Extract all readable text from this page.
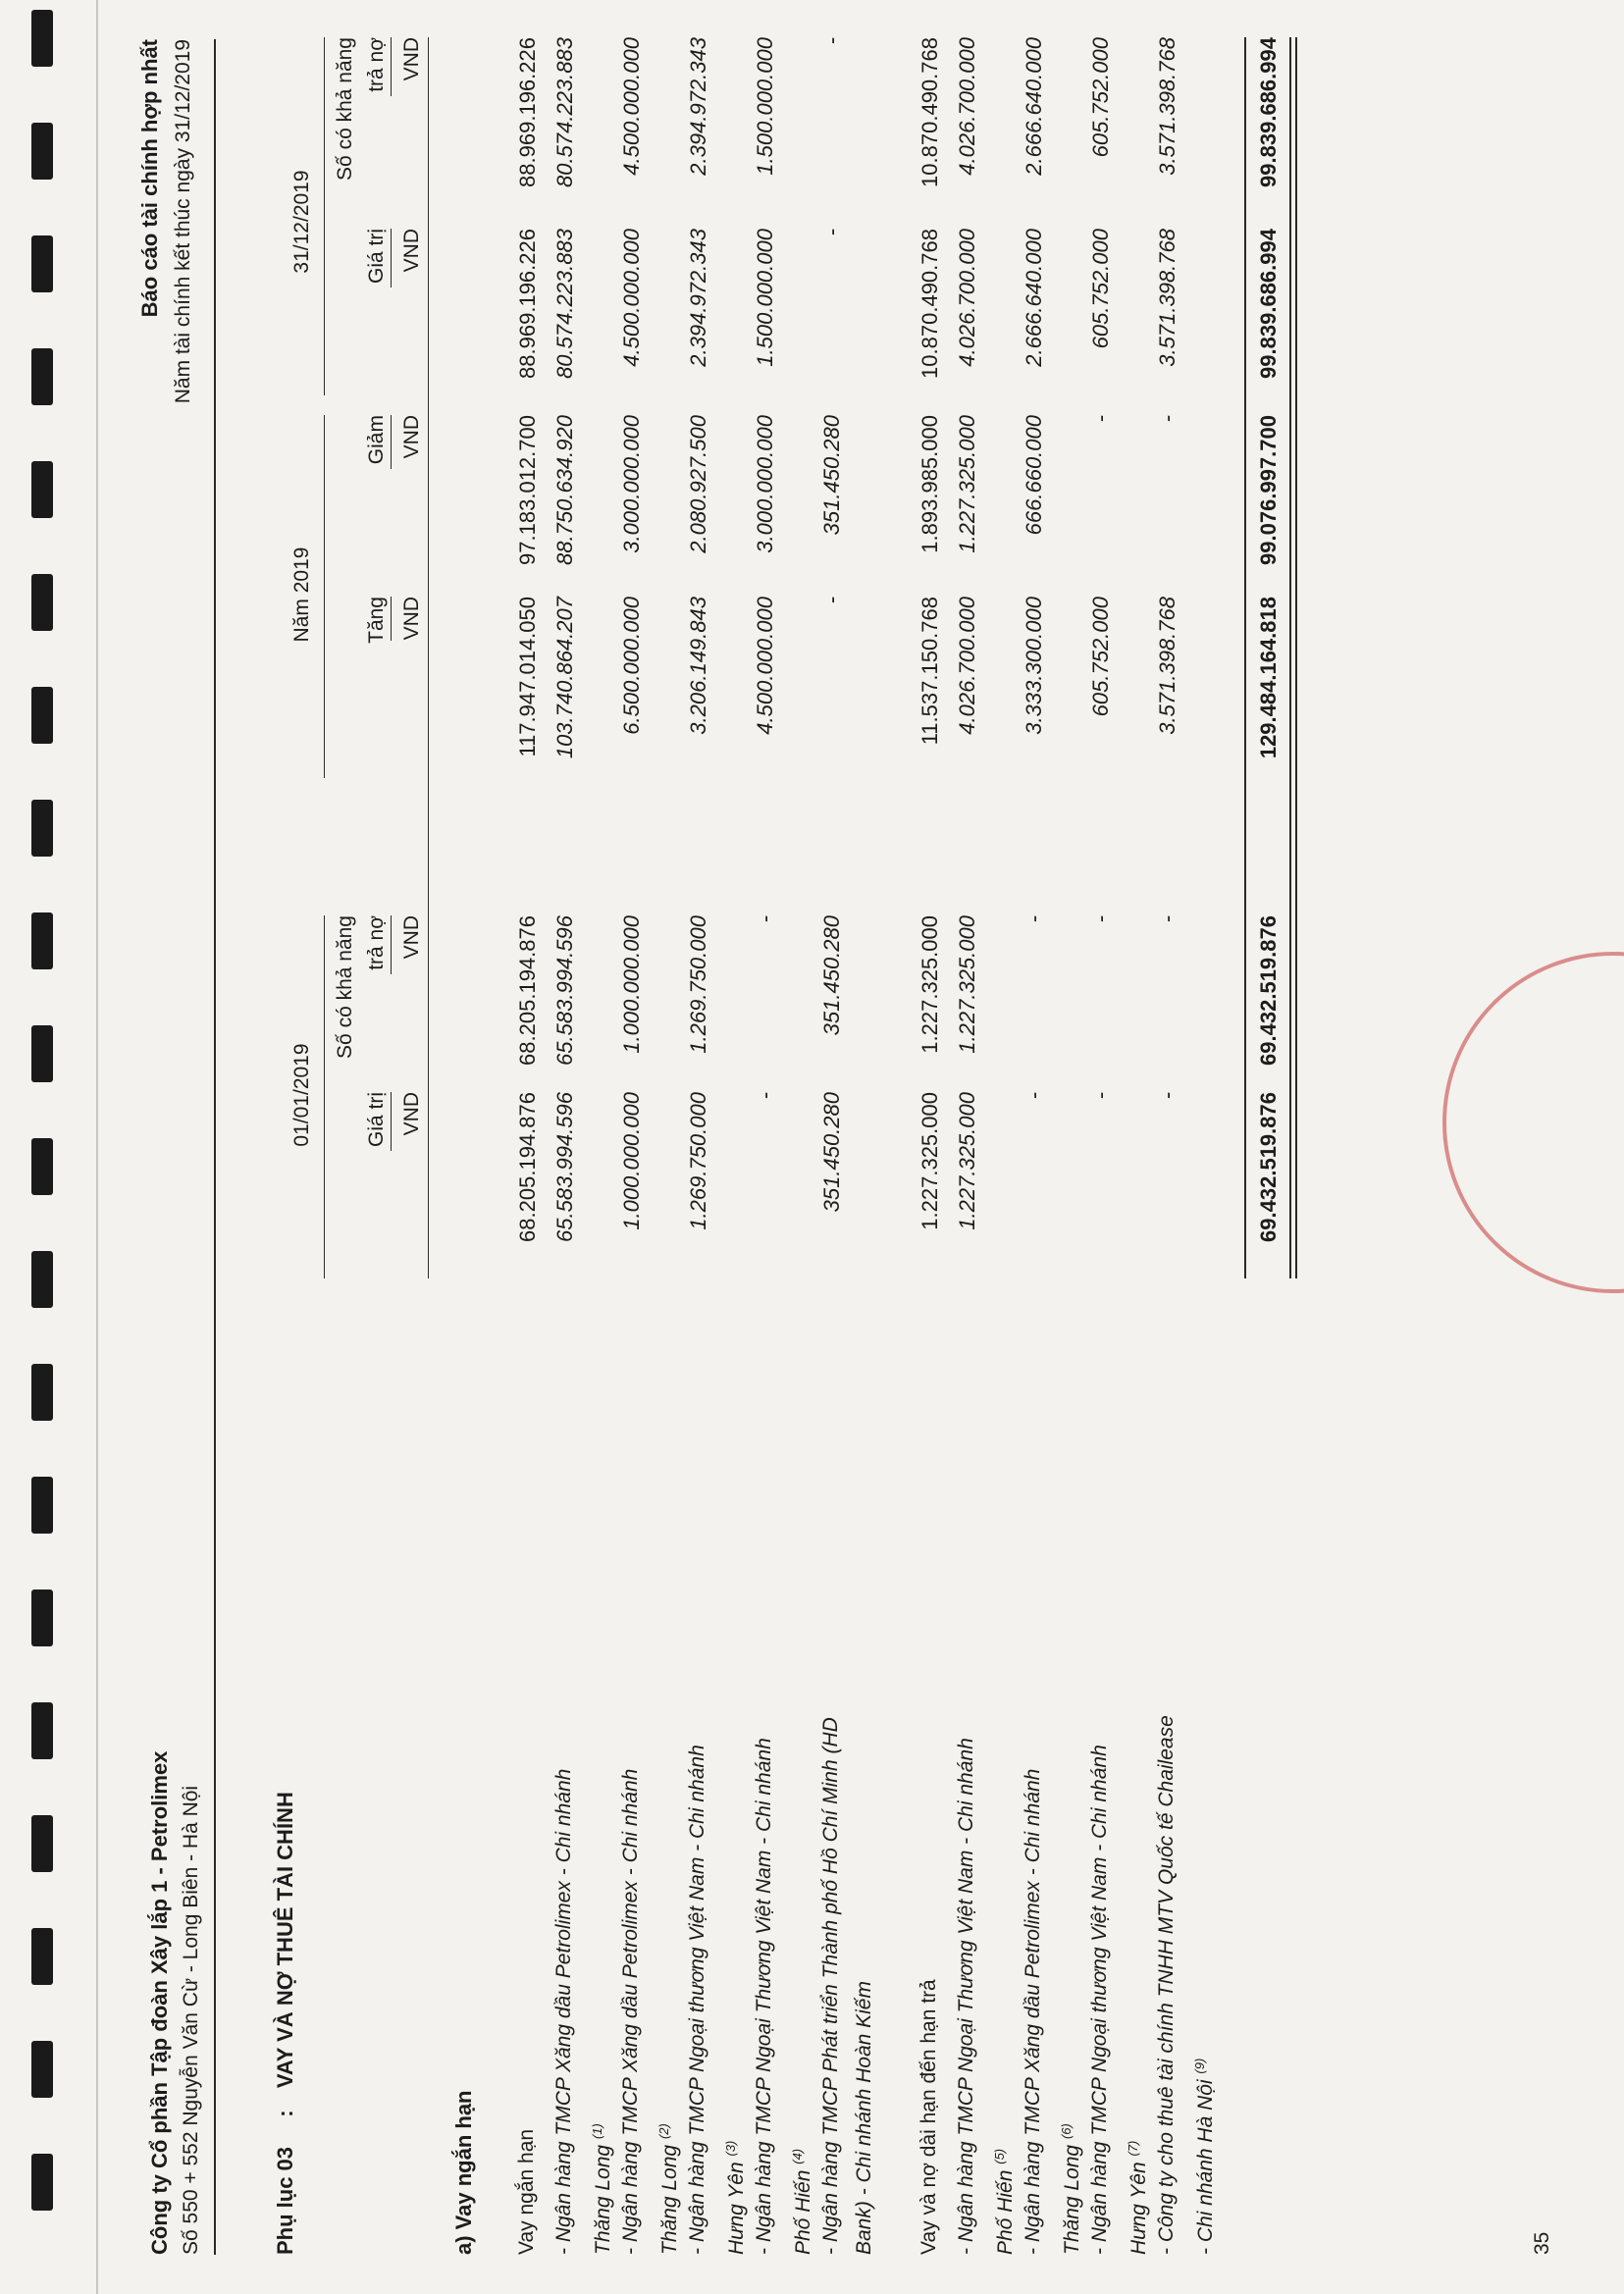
Công ty Cổ phần Tập đoàn Xây lắp 1 - Petrolimex Số 550 + 552 Nguyễn Văn Cừ - Long Biên - Hà Nội
Báo cáo tài chính hợp nhất Năm tài chính kết thúc ngày 31/12/2019
Phụ lục 03  :  VAY VÀ NỢ THUÊ TÀI CHÍNH
01/01/2019
Năm 2019
31/12/2019
Giá trị VND
Số có khả năng trả nợ VND
Tăng VND
Giảm VND
Giá trị VND
Số có khả năng trả nợ VND
a) Vay ngắn hạn Vay ngắn hạn
68.205.194.876
68.205.194.876
117.947.014.050
97.183.012.700
88.969.196.226
88.969.196.226
- Ngân hàng TMCP Xăng dầu Petrolimex - Chi nhánh Thăng Long $^{(1)}$
65.583.994.596
65.583.994.596
103.740.864.207
88.750.634.920
80.574.223.883
80.574.223.883
- Ngân hàng TMCP Xăng dầu Petrolimex - Chi nhánh Thăng Long $^{(2)}$
1.000.000.000
1.000.000.000
6.500.000.000
3.000.000.000
4.500.000.000
4.500.000.000
- Ngân hàng TMCP Ngoại thương Việt Nam - Chi nhánh Hưng Yên $^{(3)}$
1.269.750.000
1.269.750.000
3.206.149.843
2.080.927.500
2.394.972.343
2.394.972.343
- Ngân hàng TMCP Ngoại Thương Việt Nam - Chi nhánh Phố Hiến $^{(4)}$
-
-
4.500.000.000
3.000.000.000
1.500.000.000
1.500.000.000
- Ngân hàng TMCP Phát triển Thành phố Hồ Chí Minh (HD Bank) - Chi nhánh Hoàn Kiếm
351.450.280
351.450.280
-
351.450.280
-
-
Vay và nợ dài hạn đến hạn trả
1.227.325.000
1.227.325.000
11.537.150.768
1.893.985.000
10.870.490.768
10.870.490.768
- Ngân hàng TMCP Ngoại Thương Việt Nam - Chi nhánh Phố Hiến $^{(5)}$
1.227.325.000
1.227.325.000
4.026.700.000
1.227.325.000
4.026.700.000
4.026.700.000
- Ngân hàng TMCP Xăng dầu Petrolimex - Chi nhánh Thăng Long $^{(6)}$
-
-
3.333.300.000
666.660.000
2.666.640.000
2.666.640.000
- Ngân hàng TMCP Ngoại thương Việt Nam - Chi nhánh Hưng Yên $^{(7)}$
-
-
605.752.000
-
605.752.000
605.752.000
- Công ty cho thuê tài chính TNHH MTV Quốc tế Chailease - Chi nhánh Hà Nội $^{(9)}$
-
-
3.571.398.768
-
3.571.398.768
3.571.398.768
69.432.519.876
69.432.519.876
129.484.164.818
99.076.997.700
99.839.686.994
99.839.686.994
35
